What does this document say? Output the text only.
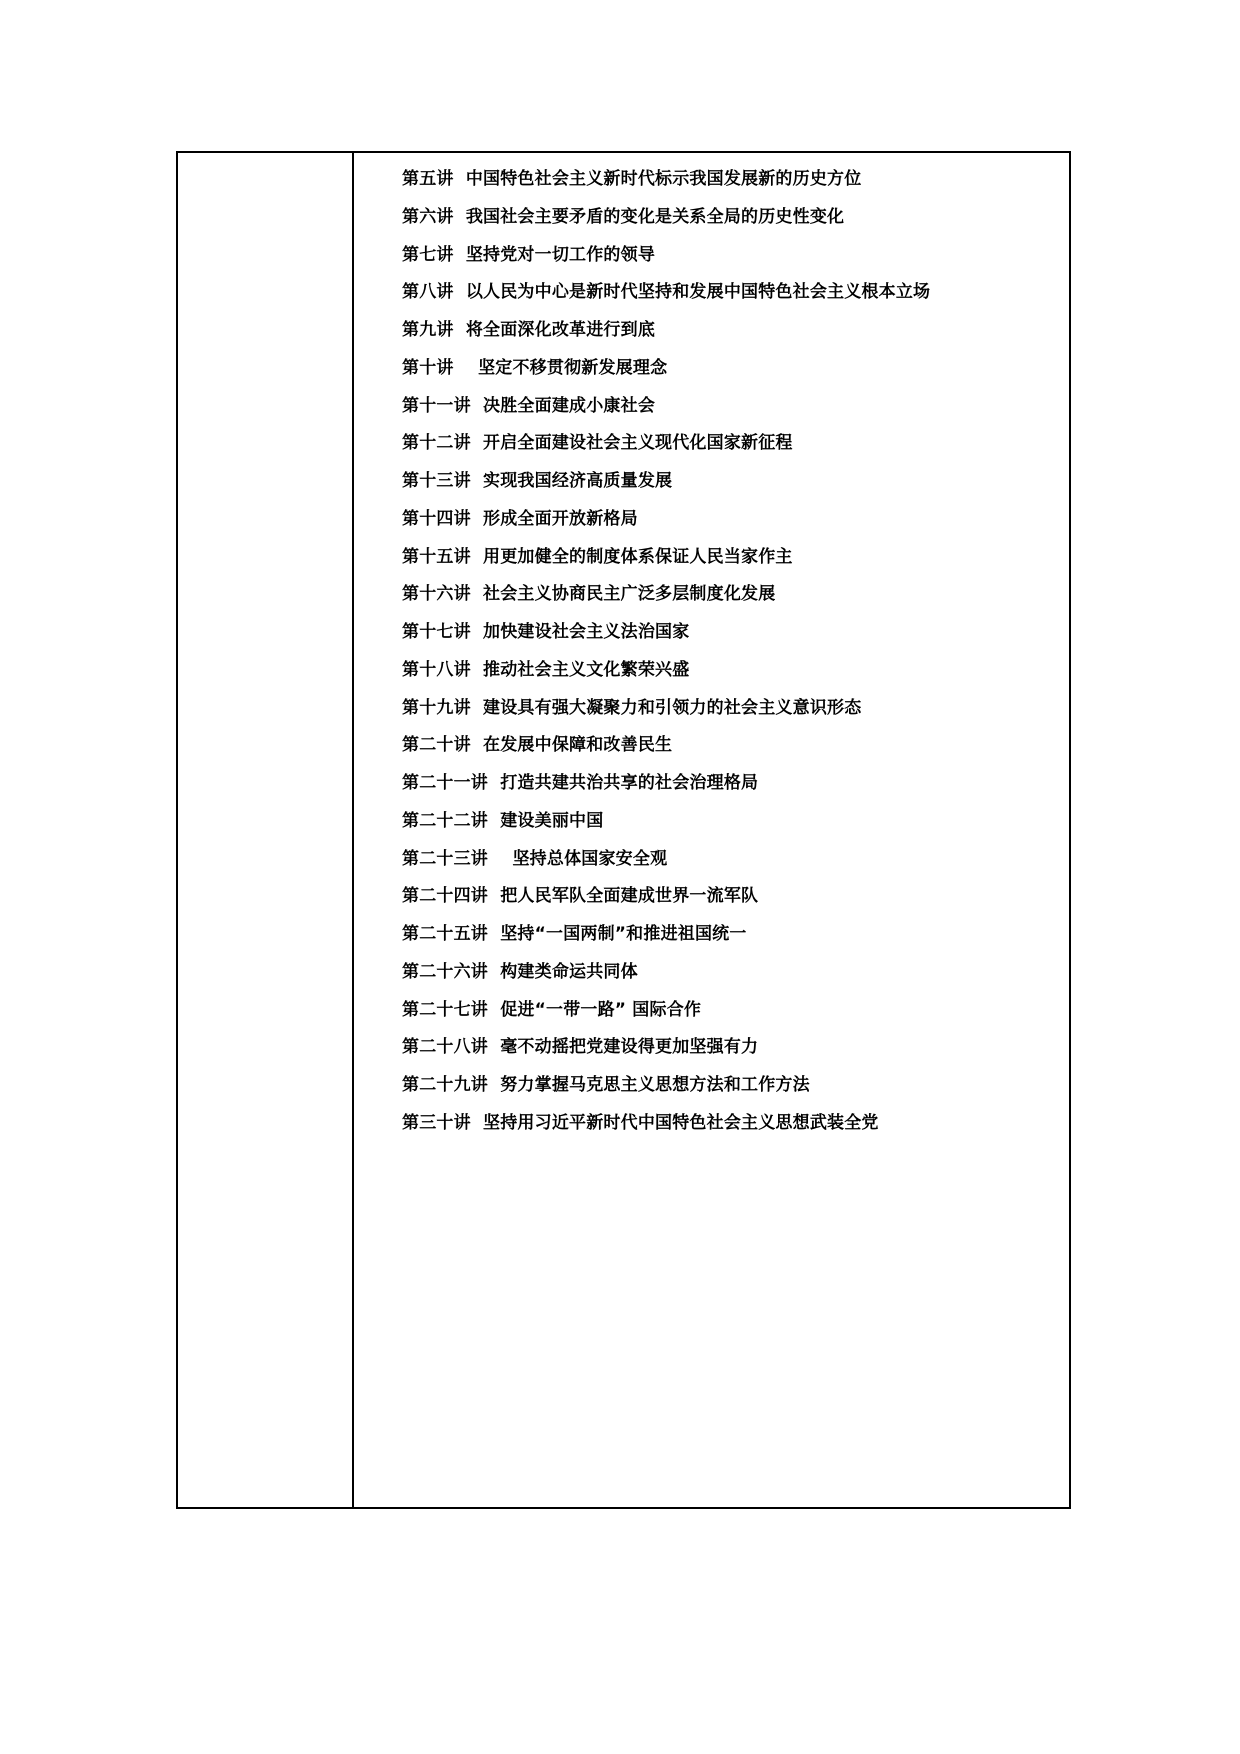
第五讲  中国特色社会主义新时代标示我国发展新的历史方位
第六讲  我国社会主要矛盾的变化是关系全局的历史性变化
第七讲  坚持党对一切工作的领导
第八讲  以人民为中心是新时代坚持和发展中国特色社会主义根本立场
第九讲  将全面深化改革进行到底
第十讲    坚定不移贯彻新发展理念
第十一讲  决胜全面建成小康社会
第十二讲  开启全面建设社会主义现代化国家新征程
第十三讲  实现我国经济高质量发展
第十四讲  形成全面开放新格局
第十五讲  用更加健全的制度体系保证人民当家作主
第十六讲  社会主义协商民主广泛多层制度化发展
第十七讲  加快建设社会主义法治国家
第十八讲  推动社会主义文化繁荣兴盛
第十九讲  建设具有强大凝聚力和引领力的社会主义意识形态
第二十讲  在发展中保障和改善民生
第二十一讲  打造共建共治共享的社会治理格局
第二十二讲  建设美丽中国
第二十三讲    坚持总体国家安全观
第二十四讲  把人民军队全面建成世界一流军队
第二十五讲  坚持“一国两制”和推进祖国统一
第二十六讲  构建类命运共同体
第二十七讲  促进“一带一路” 国际合作
第二十八讲  毫不动摇把党建设得更加坚强有力
第二十九讲  努力掌握马克思主义思想方法和工作方法
第三十讲  坚持用习近平新时代中国特色社会主义思想武装全党
